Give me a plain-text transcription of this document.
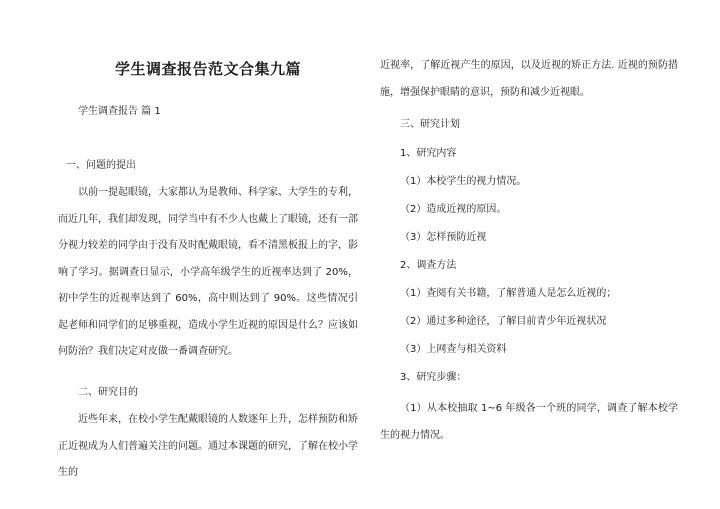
学生调查报告范文合集九篇
学生调查报告 篇 1
一、问题的提出
以前一提起眼镜，大家都认为是教师、科学家、大学生的专利，而近几年，我们却发现，同学当中有不少人也戴上了眼镜，还有一部分视力较差的同学由于没有及时配戴眼镜，看不清黑板报上的字，影响了学习。据调查日显示，小学高年级学生的近视率达到了 20%，初中学生的近视率达到了 60%，高中则达到了 90%。这些情况引起老师和同学们的足够重视，造成小学生近视的原因是什么？应该如何防治？我们决定对皮做一番调查研究。
二、研究目的
近些年来，在校小学生配戴眼镜的人数逐年上升，怎样预防和矫正近视成为人们普遍关注的问题。通过本课题的研究，了解在校小学生的
近视率，了解近视产生的原因，以及近视的矫正方法. 近视的预防措施，增强保护眼睛的意识，预防和减少近视眼。
三、研究计划
1、研究内容
（1）本校学生的视力情况。
（2）造成近视的原因。
（3）怎样预防近视
2、调查方法
（1）查阅有关书籍，了解普通人是怎么近视的；
（2）通过多种途径，了解目前青少年近视状况
（3）上网查与相关资料
3、研究步骤：
（1）从本校抽取 1~6 年级各一个班的同学，调查了解本校学生的视力情况。
